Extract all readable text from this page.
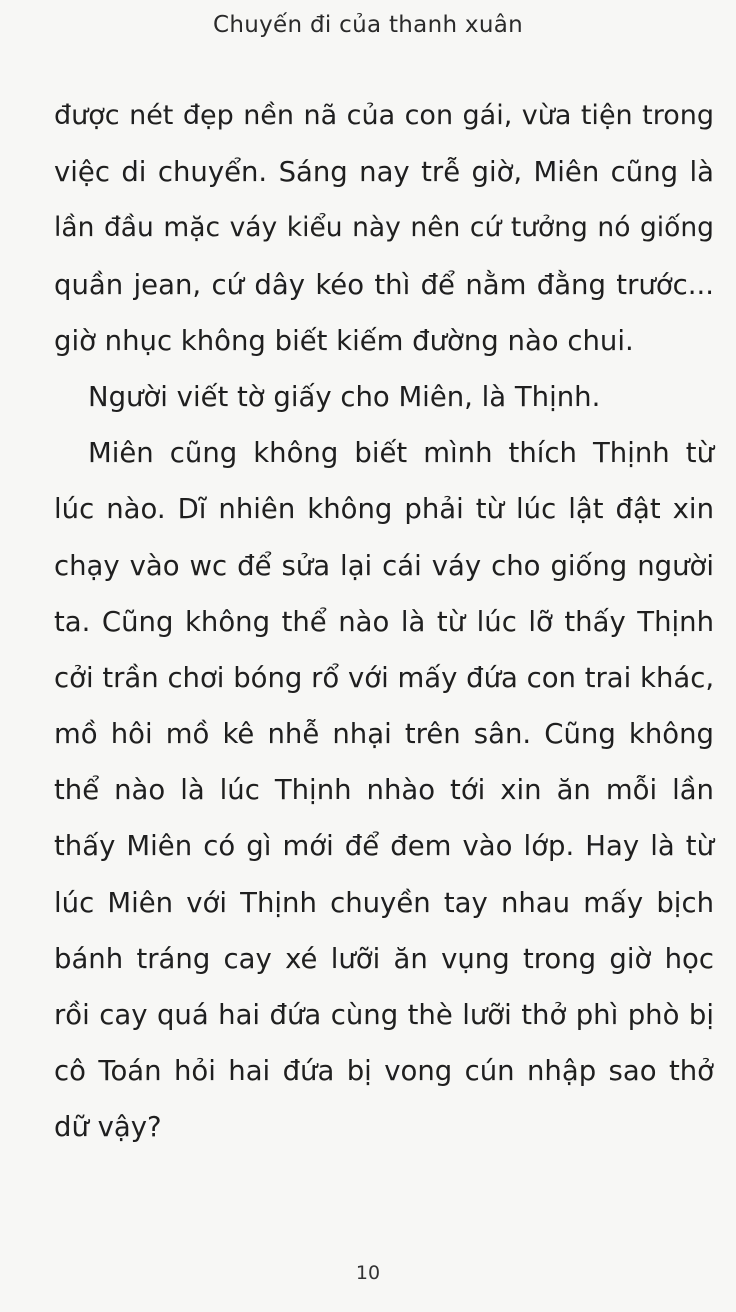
Chuyến đi của thanh xuân
được nét đẹp nền nã của con gái, vừa tiện trong
việc di chuyển. Sáng nay trễ giờ, Miên cũng là
lần đầu mặc váy kiểu này nên cứ tưởng nó giống
quần jean, cứ dây kéo thì để nằm đằng trước...
giờ nhục không biết kiếm đường nào chui.
Người viết tờ giấy cho Miên, là Thịnh.
Miên cũng không biết mình thích Thịnh từ
lúc nào. Dĩ nhiên không phải từ lúc lật đật xin
chạy vào wc để sửa lại cái váy cho giống người
ta. Cũng không thể nào là từ lúc lỡ thấy Thịnh
cởi trần chơi bóng rổ với mấy đứa con trai khác,
mồ hôi mồ kê nhễ nhại trên sân. Cũng không
thể nào là lúc Thịnh nhào tới xin ăn mỗi lần
thấy Miên có gì mới để đem vào lớp. Hay là từ
lúc Miên với Thịnh chuyền tay nhau mấy bịch
bánh tráng cay xé lưỡi ăn vụng trong giờ học
rồi cay quá hai đứa cùng thè lưỡi thở phì phò bị
cô Toán hỏi hai đứa bị vong cún nhập sao thở
dữ vậy?
10
